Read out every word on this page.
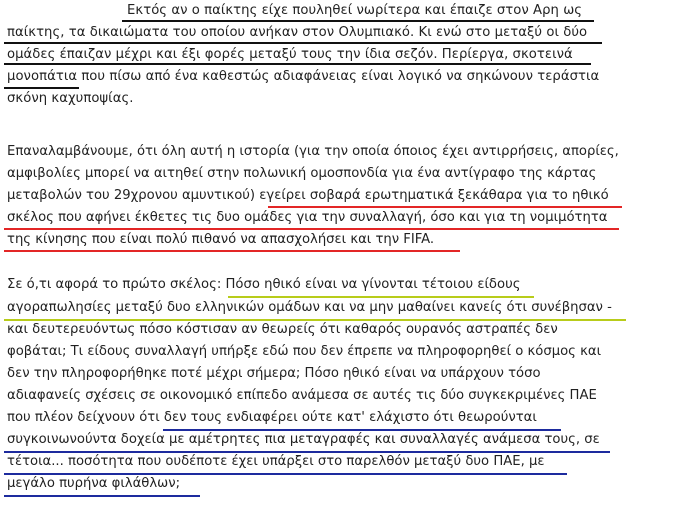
Εκτός αν ο παίκτης είχε πουληθεί νωρίτερα και έπαιζε στον Αρη ως
παίκτης, τα δικαιώματα του οποίου ανήκαν στον Ολυμπιακό. Κι ενώ στο μεταξύ οι δύο
ομάδες έπαιζαν μέχρι και έξι φορές μεταξύ τους την ίδια σεζόν. Περίεργα, σκοτεινά
μονοπάτια που πίσω από ένα καθεστώς αδιαφάνειας είναι λογικό να σηκώνουν τεράστια
σκόνη καχυποψίας.
Επαναλαμβάνουμε, ότι όλη αυτή η ιστορία (για την οποία όποιος έχει αντιρρήσεις, απορίες,
αμφιβολίες μπορεί να αιτηθεί στην πολωνική ομοσπονδία για ένα αντίγραφο της κάρτας
μεταβολών του 29χρονου αμυντικού) εγείρει σοβαρά ερωτηματικά ξεκάθαρα για το ηθικό
σκέλος που αφήνει έκθετες τις δυο ομάδες για την συναλλαγή, όσο και για τη νομιμότητα
της κίνησης που είναι πολύ πιθανό να απασχολήσει και την FIFA.
Σε ό,τι αφορά το πρώτο σκέλος: Πόσο ηθικό είναι να γίνονται τέτοιου είδους
αγοραπωλησίες μεταξύ δυο ελληνικών ομάδων και να μην μαθαίνει κανείς ότι συνέβησαν -
και δευτερευόντως πόσο κόστισαν αν θεωρείς ότι καθαρός ουρανός αστραπές δεν
φοβάται; Τι είδους συναλλαγή υπήρξε εδώ που δεν έπρεπε να πληροφορηθεί ο κόσμος και
δεν την πληροφορήθηκε ποτέ μέχρι σήμερα; Πόσο ηθικό είναι να υπάρχουν τόσο
αδιαφανείς σχέσεις σε οικονομικό επίπεδο ανάμεσα σε αυτές τις δύο συγκεκριμένες ΠΑΕ
που πλέον δείχνουν ότι δεν τους ενδιαφέρει ούτε κατ' ελάχιστο ότι θεωρούνται
συγκοινωνούντα δοχεία με αμέτρητες πια μεταγραφές και συναλλαγές ανάμεσα τους, σε
τέτοια... ποσότητα που ουδέποτε έχει υπάρξει στο παρελθόν μεταξύ δυο ΠΑΕ, με
μεγάλο πυρήνα φιλάθλων;
